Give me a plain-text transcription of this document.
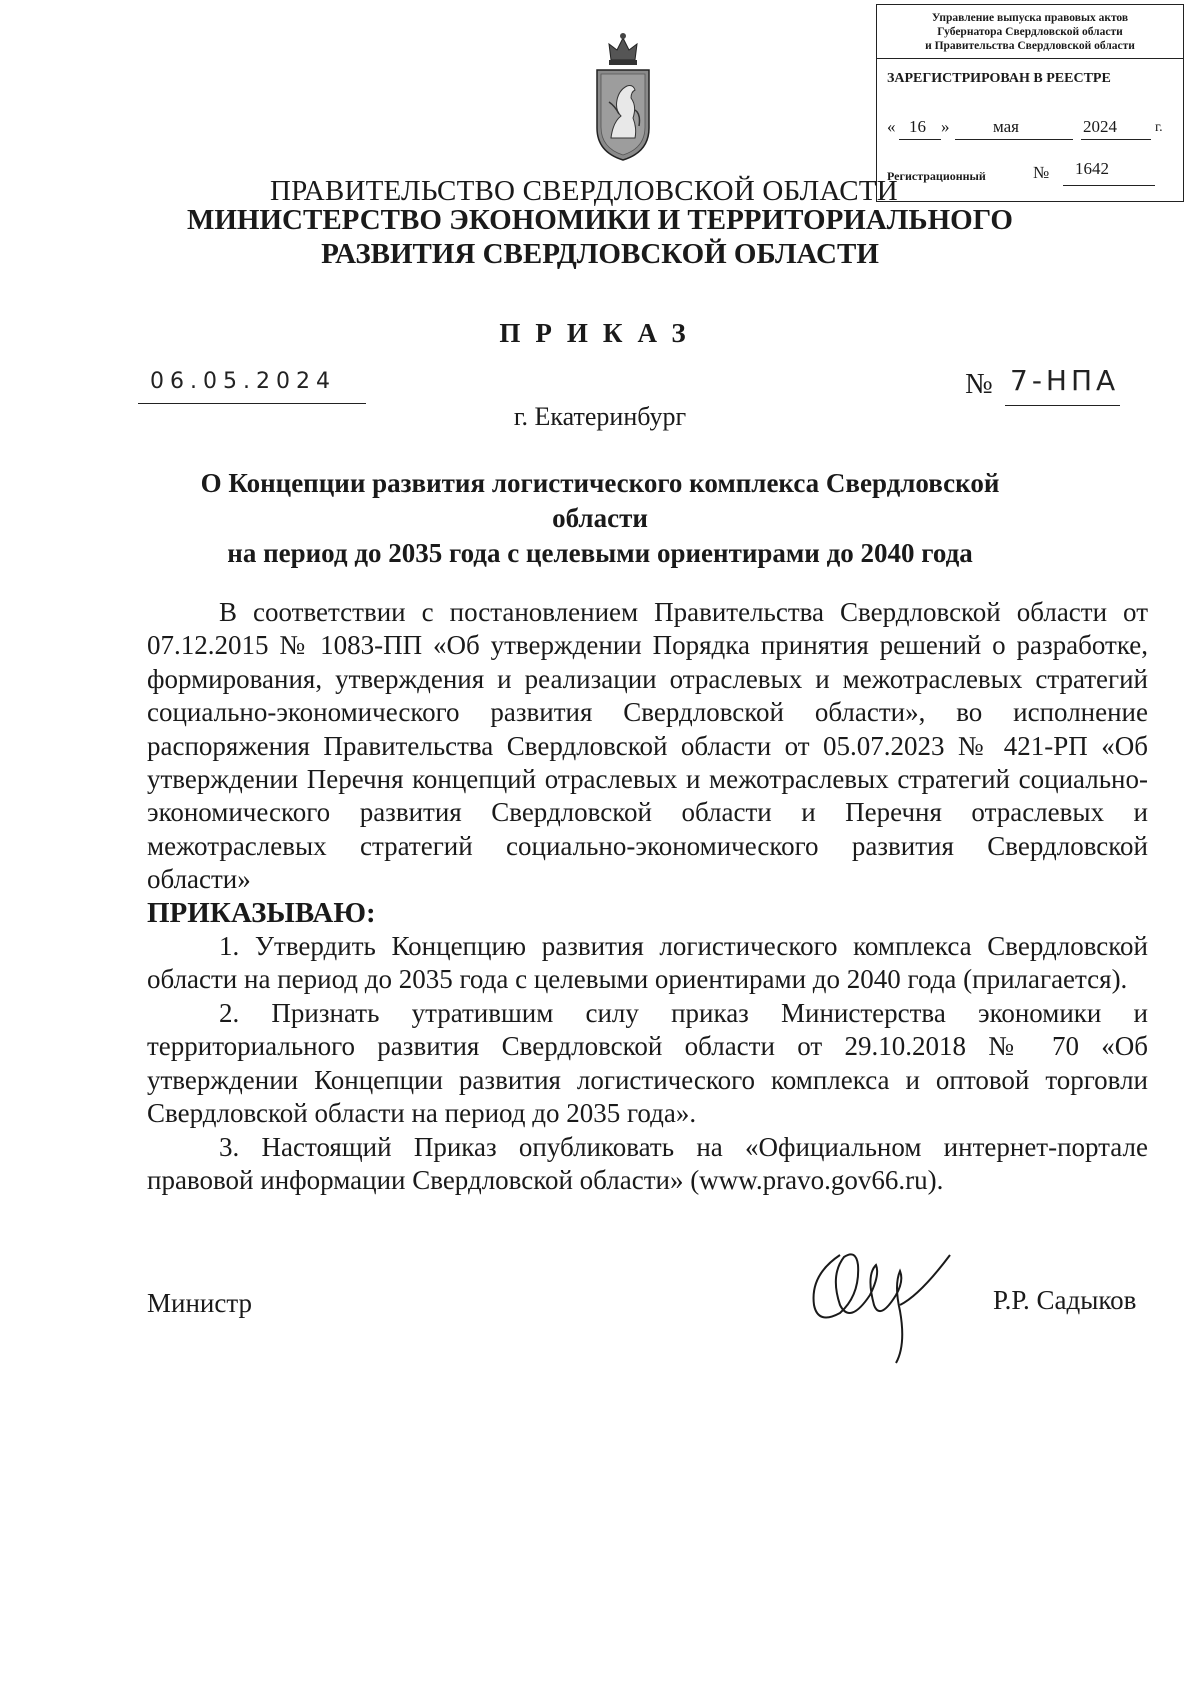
Управление выпуска правовых актов
Губернатора Свердловской области
и Правительства Свердловской области
ЗАРЕГИСТРИРОВАН В РЕЕСТРЕ
« 16 »	мая	2024	г.
Регистрационный	№ 1642
ПРАВИТЕЛЬСТВО СВЕРДЛОВСКОЙ ОБЛАСТИ
МИНИСТЕРСТВО ЭКОНОМИКИ И ТЕРРИТОРИАЛЬНОГО
РАЗВИТИЯ СВЕРДЛОВСКОЙ ОБЛАСТИ
ПРИКАЗ
06.05.2024	№ 7-НПА
г. Екатеринбург
О Концепции развития логистического комплекса Свердловской области
на период до 2035 года с целевыми ориентирами до 2040 года

В соответствии с постановлением Правительства Свердловской области от 07.12.2015 № 1083-ПП «Об утверждении Порядка принятия решений о разработке, формирования, утверждения и реализации отраслевых и межотраслевых стратегий социально-экономического развития Свердловской области», во исполнение распоряжения Правительства Свердловской области от 05.07.2023 № 421-РП «Об утверждении Перечня концепций отраслевых и межотраслевых стратегий социально-экономического развития Свердловской области и Перечня отраслевых и межотраслевых стратегий социально-экономического развития Свердловской области»

ПРИКАЗЫВАЮ:

1. Утвердить Концепцию развития логистического комплекса Свердловской области на период до 2035 года с целевыми ориентирами до 2040 года (прилагается).

2. Признать утратившим силу приказ Министерства экономики и территориального развития Свердловской области от 29.10.2018 № 70 «Об утверждении Концепции развития логистического комплекса и оптовой торговли Свердловской области на период до 2035 года».

3. Настоящий Приказ опубликовать на «Официальном интернет-портале правовой информации Свердловской области» (www.pravo.gov66.ru).

Министр	Р.Р. Садыков
